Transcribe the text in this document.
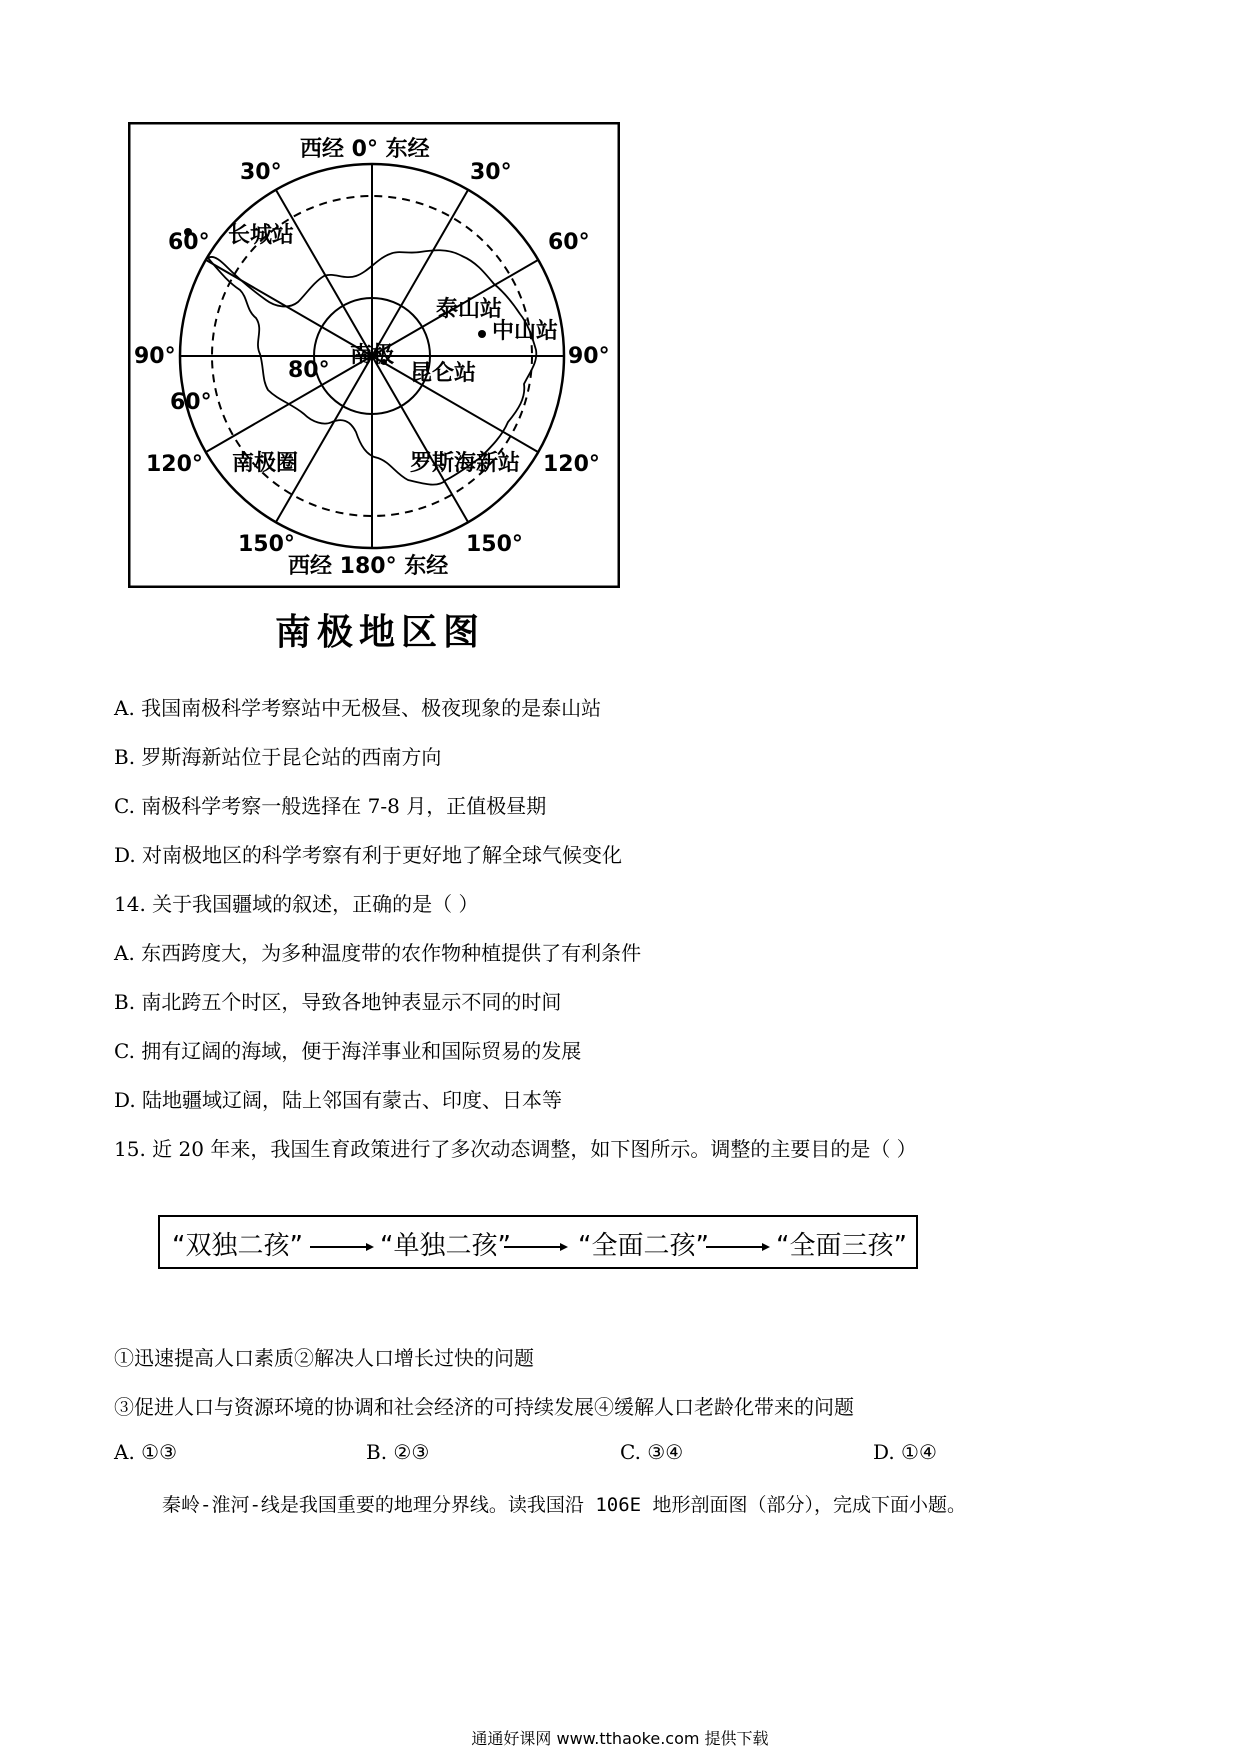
西经 0° 东经
西经 180° 东经
30°	30°
60°	60°
90°	90°
120°	120°
150°	150°
80°
60°
南极
长城站
泰山站
中山站
昆仑站
罗斯海新站
南极圈
南极地区图
A. 我国南极科学考察站中无极昼、极夜现象的是泰山站
B. 罗斯海新站位于昆仑站的西南方向
C. 南极科学考察一般选择在 7-8 月，正值极昼期
D. 对南极地区的科学考察有利于更好地了解全球气候变化
14. 关于我国疆域的叙述，正确的是（ ）
A. 东西跨度大，为多种温度带的农作物种植提供了有利条件
B. 南北跨五个时区，导致各地钟表显示不同的时间
C. 拥有辽阔的海域，便于海洋事业和国际贸易的发展
D. 陆地疆域辽阔，陆上邻国有蒙古、印度、日本等
15. 近 20 年来，我国生育政策进行了多次动态调整，如下图所示。调整的主要目的是（ ）
“双独二孩”	“单独二孩”	“全面二孩”	“全面三孩”
①迅速提高人口素质②解决人口增长过快的问题
③促进人口与资源环境的协调和社会经济的可持续发展④缓解人口老龄化带来的问题
A. ①③	B. ②③	C. ③④	D. ①④
秦岭-淮河-线是我国重要的地理分界线。读我国沿 106E 地形剖面图（部分），完成下面小题。
通通好课网 www.tthaoke.com 提供下载
